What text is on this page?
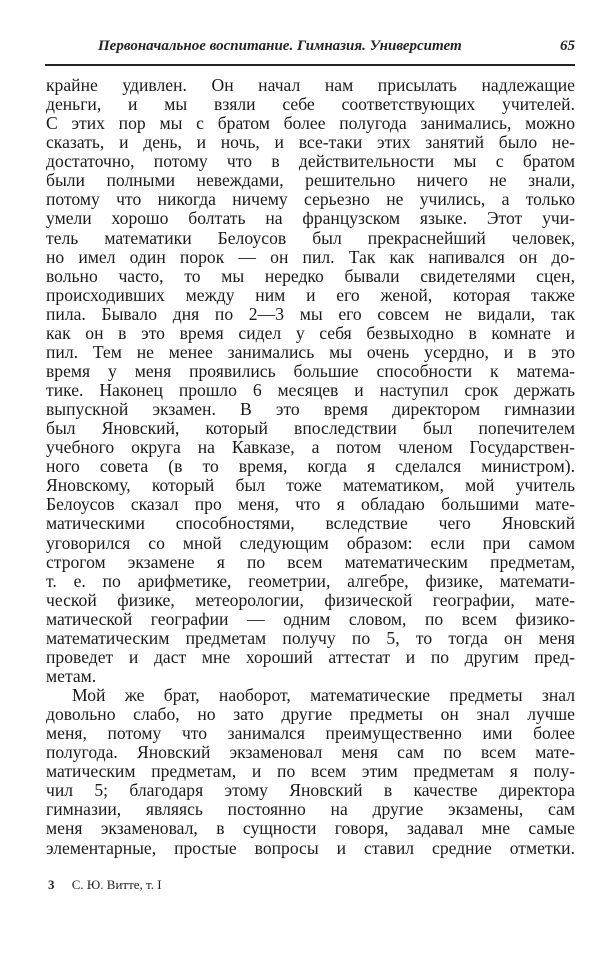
Первоначальное воспитание. Гимназия. Университет	65
крайне удивлен. Он начал нам присылать надлежащие
деньги, и мы взяли себе соответствующих учителей.
С этих пор мы с братом более полугода занимались, можно
сказать, и день, и ночь, и все-таки этих занятий было не-
достаточно, потому что в действительности мы с братом
были полными невеждами, решительно ничего не знали,
потому что никогда ничему серьезно не учились, а только
умели хорошо болтать на французском языке. Этот учи-
тель математики Белоусов был прекраснейший человек,
но имел один порок — он пил. Так как напивался он до-
вольно часто, то мы нередко бывали свидетелями сцен,
происходивших между ним и его женой, которая также
пила. Бывало дня по 2—3 мы его совсем не видали, так
как он в это время сидел у себя безвыходно в комнате и
пил. Тем не менее занимались мы очень усердно, и в это
время у меня проявились большие способности к матема-
тике. Наконец прошло 6 месяцев и наступил срок держать
выпускной экзамен. В это время директором гимназии
был Яновский, который впоследствии был попечителем
учебного округа на Кавказе, а потом членом Государствен-
ного совета (в то время, когда я сделался министром).
Яновскому, который был тоже математиком, мой учитель
Белоусов сказал про меня, что я обладаю большими мате-
матическими способностями, вследствие чего Яновский
уговорился со мной следующим образом: если при самом
строгом экзамене я по всем математическим предметам,
т. е. по арифметике, геометрии, алгебре, физике, математи-
ческой физике, метеорологии, физической географии, мате-
матической географии — одним словом, по всем физико-
математическим предметам получу по 5, то тогда он меня
проведет и даст мне хороший аттестат и по другим пред-
метам.
Мой же брат, наоборот, математические предметы знал
довольно слабо, но зато другие предметы он знал лучше
меня, потому что занимался преимущественно ими более
полугода. Яновский экзаменовал меня сам по всем мате-
матическим предметам, и по всем этим предметам я полу-
чил 5; благодаря этому Яновский в качестве директора
гимназии, являясь постоянно на другие экзамены, сам
меня экзаменовал, в сущности говоря, задавал мне самые
элементарные, простые вопросы и ставил средние отметки.
3 С. Ю. Витте, т. I
